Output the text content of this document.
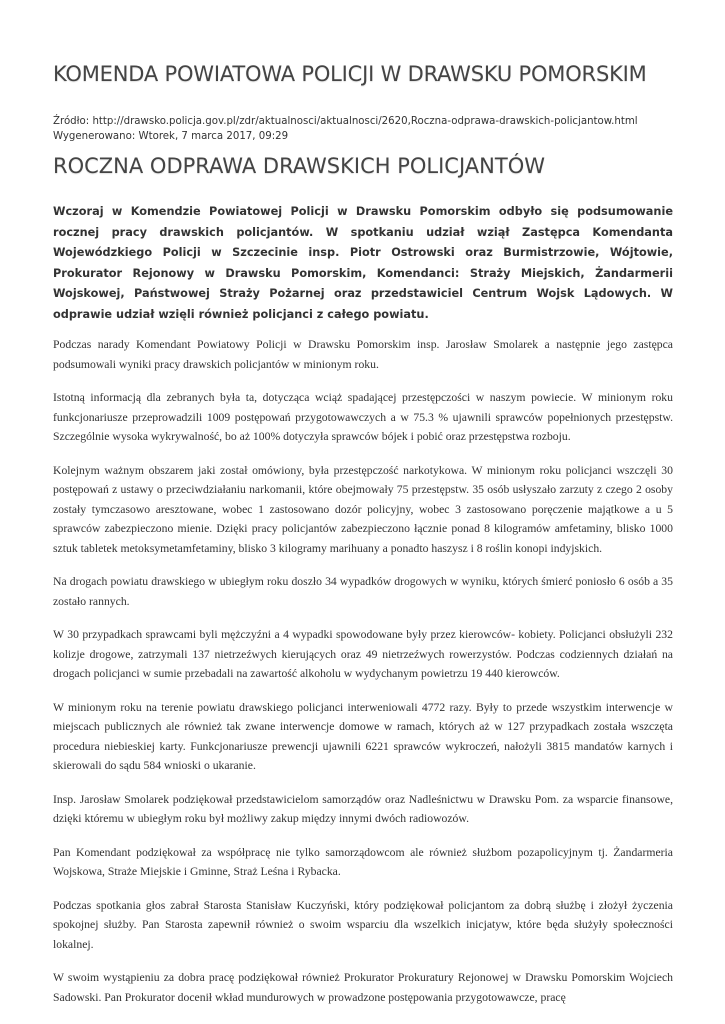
KOMENDA POWIATOWA POLICJI W DRAWSKU POMORSKIM
Źródło: http://drawsko.policja.gov.pl/zdr/aktualnosci/aktualnosci/2620,Roczna-odprawa-drawskich-policjantow.html
Wygenerowano: Wtorek, 7 marca 2017, 09:29
ROCZNA ODPRAWA DRAWSKICH POLICJANTÓW

Wczoraj w Komendzie Powiatowej Policji w Drawsku Pomorskim odbyło się podsumowanie rocznej pracy drawskich policjantów. W spotkaniu udział wziął Zastępca Komendanta Wojewódzkiego Policji w Szczecinie insp. Piotr Ostrowski oraz Burmistrzowie, Wójtowie, Prokurator Rejonowy w Drawsku Pomorskim, Komendanci: Straży Miejskich, Żandarmerii Wojskowej, Państwowej Straży Pożarnej oraz przedstawiciel Centrum Wojsk Lądowych. W odprawie udział wzięli również policjanci z całego powiatu.

Podczas narady Komendant Powiatowy Policji w Drawsku Pomorskim insp. Jarosław Smolarek a następnie jego zastępca podsumowali wyniki pracy drawskich policjantów w minionym roku.

Istotną informacją dla zebranych była ta, dotycząca wciąż spadającej przestępczości w naszym powiecie. W minionym roku funkcjonariusze przeprowadzili 1009 postępowań przygotowawczych a w 75.3 % ujawnili sprawców popełnionych przestępstw. Szczególnie wysoka wykrywalność, bo aż 100% dotyczyła sprawców bójek i pobić oraz przestępstwa rozboju.

Kolejnym ważnym obszarem jaki został omówiony, była przestępczość narkotykowa. W minionym roku policjanci wszczęli 30 postępowań z ustawy o przeciwdziałaniu narkomanii, które obejmowały 75 przestępstw. 35 osób usłyszało zarzuty z czego 2 osoby zostały tymczasowo aresztowane, wobec 1 zastosowano dozór policyjny, wobec 3 zastosowano poręczenie majątkowe a u 5 sprawców zabezpieczono mienie. Dzięki pracy policjantów zabezpieczono łącznie ponad 8 kilogramów amfetaminy, blisko 1000 sztuk tabletek metoksymetamfetaminy, blisko 3 kilogramy marihuany a ponadto haszysz i 8 roślin konopi indyjskich.

Na drogach powiatu drawskiego w ubiegłym roku doszło 34 wypadków drogowych w wyniku, których śmierć poniosło 6 osób a 35 zostało rannych.

W 30 przypadkach sprawcami byli mężczyźni a 4 wypadki spowodowane były przez kierowców- kobiety. Policjanci obsłużyli 232 kolizje drogowe, zatrzymali 137 nietrzeźwych kierujących oraz 49 nietrzeźwych rowerzystów. Podczas codziennych działań na drogach policjanci w sumie przebadali na zawartość alkoholu w wydychanym powietrzu 19 440 kierowców.

W minionym roku na terenie powiatu drawskiego policjanci interweniowali 4772 razy. Były to przede wszystkim interwencje w miejscach publicznych ale również tak zwane interwencje domowe w ramach, których aż w 127 przypadkach została wszczęta procedura niebieskiej karty. Funkcjonariusze prewencji ujawnili 6221 sprawców wykroczeń, nałożyli 3815 mandatów karnych i skierowali do sądu 584 wnioski o ukaranie.

Insp. Jarosław Smolarek podziękował przedstawicielom samorządów oraz Nadleśnictwu w Drawsku Pom. za wsparcie finansowe, dzięki któremu w ubiegłym roku był możliwy zakup między innymi dwóch radiowozów.

Pan Komendant podziękował za współpracę nie tylko samorządowcom ale również służbom pozapolicyjnym tj. Żandarmeria Wojskowa, Straże Miejskie i Gminne, Straż Leśna i Rybacka.

Podczas spotkania głos zabrał Starosta Stanisław Kuczyński, który podziękował policjantom za dobrą służbę i złożył życzenia spokojnej służby. Pan Starosta zapewnił również o swoim wsparciu dla wszelkich inicjatyw, które będa służyły społeczności lokalnej.

W swoim wystąpieniu za dobra pracę podziękował również Prokurator Prokuratury Rejonowej w Drawsku Pomorskim Wojciech Sadowski. Pan Prokurator docenił wkład mundurowych w prowadzone postępowania przygotowawcze, pracę
